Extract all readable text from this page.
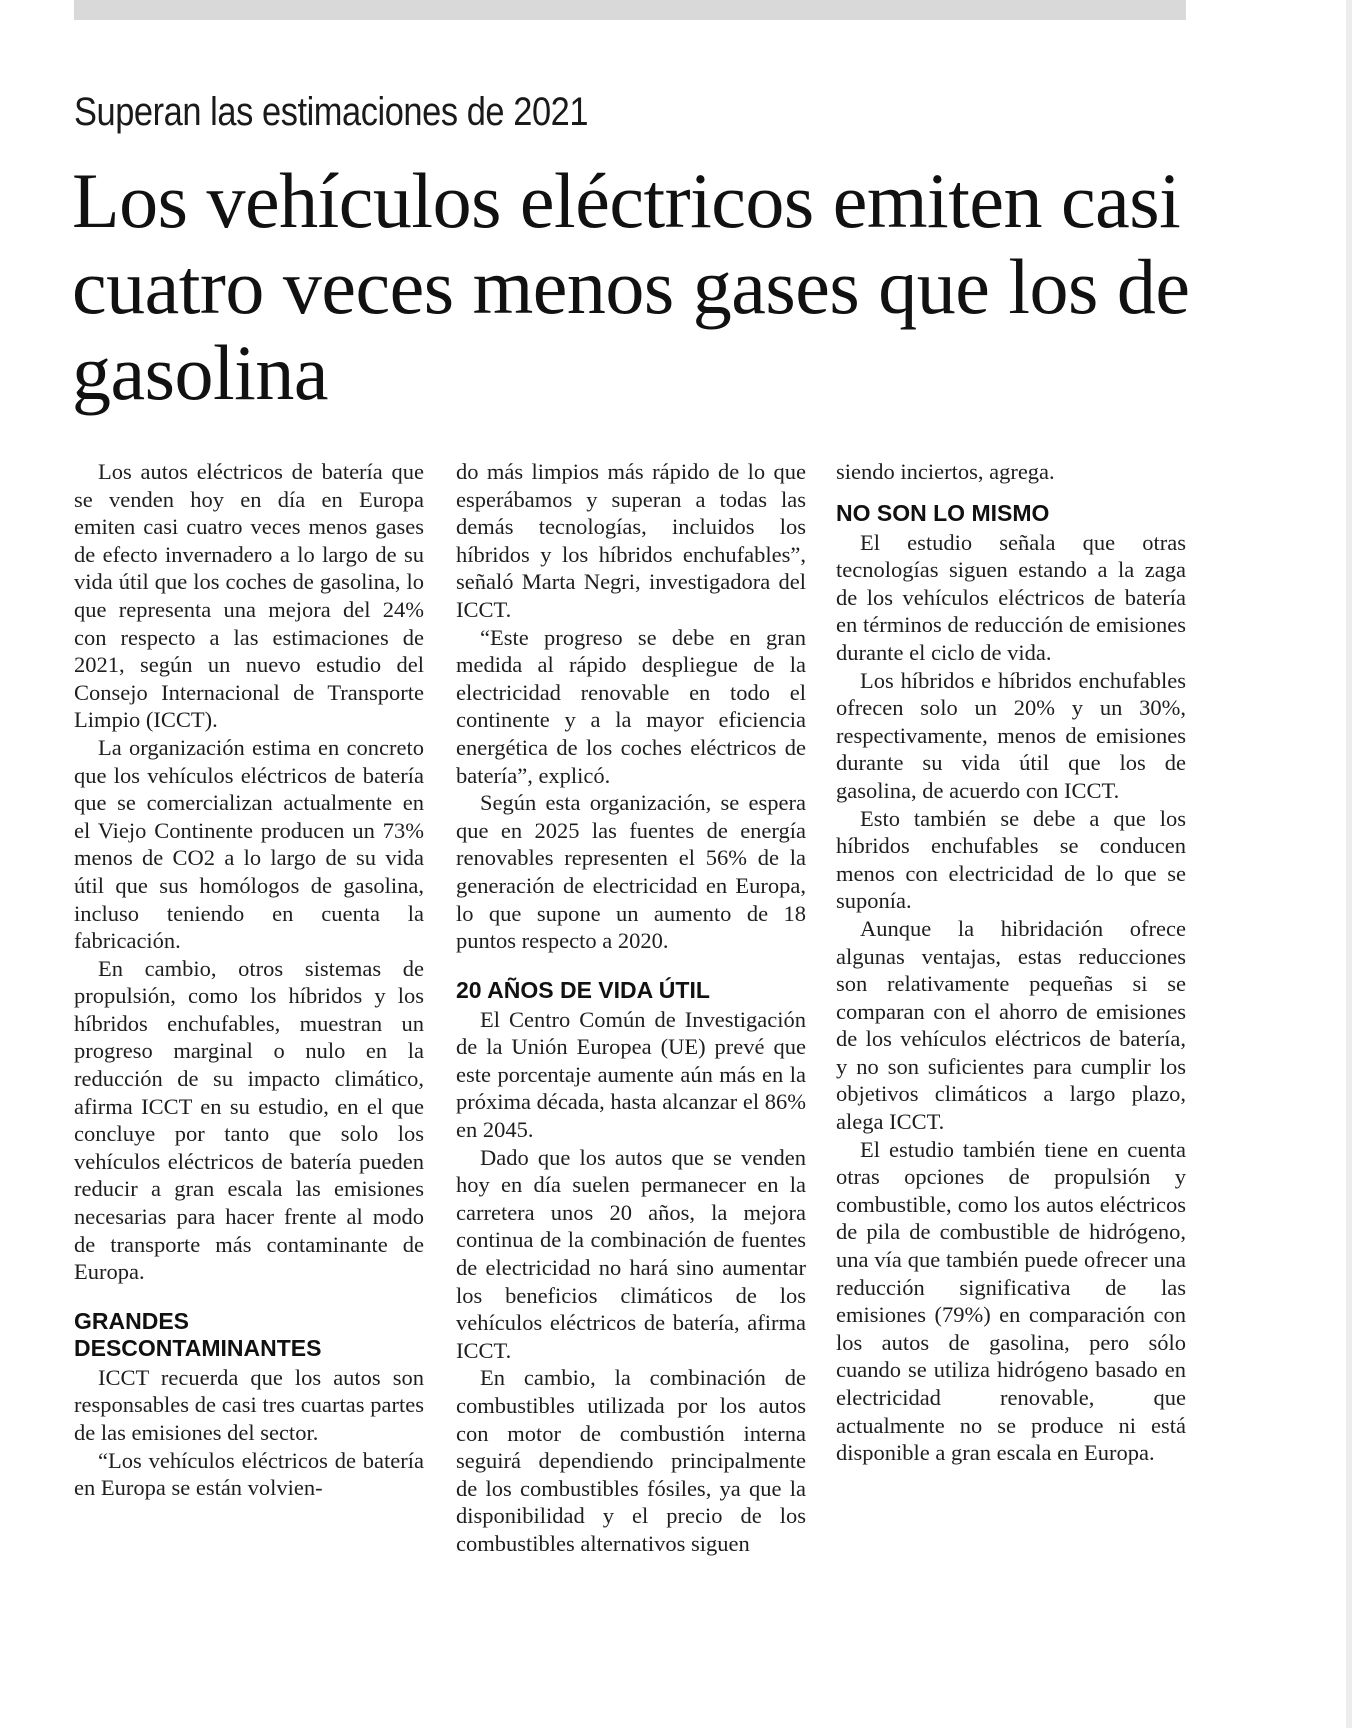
Superan las estimaciones de 2021
Los vehículos eléctricos emiten casi cuatro veces menos gases que los de gasolina

Los autos eléctricos de batería que se venden hoy en día en Europa emiten casi cuatro veces menos gases de efecto invernadero a lo largo de su vida útil que los coches de gasolina, lo que representa una mejora del 24% con respecto a las estimaciones de 2021, según un nuevo estudio del Consejo Internacional de Transporte Limpio (ICCT).

La organización estima en concreto que los vehículos eléctricos de batería que se comercializan actualmente en el Viejo Continente producen un 73% menos de CO2 a lo largo de su vida útil que sus homólogos de gasolina, incluso teniendo en cuenta la fabricación.

En cambio, otros sistemas de propulsión, como los híbridos y los híbridos enchufables, muestran un progreso marginal o nulo en la reducción de su impacto climático, afirma ICCT en su estudio, en el que concluye por tanto que solo los vehículos eléctricos de batería pueden reducir a gran escala las emisiones necesarias para hacer frente al modo de transporte más contaminante de Europa.

GRANDES DESCONTAMINANTES

ICCT recuerda que los autos son responsables de casi tres cuartas partes de las emisiones del sector.

“Los vehículos eléctricos de batería en Europa se están volvien-

do más limpios más rápido de lo que esperábamos y superan a todas las demás tecnologías, incluidos los híbridos y los híbridos enchufables”, señaló Marta Negri, investigadora del ICCT.

“Este progreso se debe en gran medida al rápido despliegue de la electricidad renovable en todo el continente y a la mayor eficiencia energética de los coches eléctricos de batería”, explicó.

Según esta organización, se espera que en 2025 las fuentes de energía renovables representen el 56% de la generación de electricidad en Europa, lo que supone un aumento de 18 puntos respecto a 2020.

20 AÑOS DE VIDA ÚTIL

El Centro Común de Investigación de la Unión Europea (UE) prevé que este porcentaje aumente aún más en la próxima década, hasta alcanzar el 86% en 2045.

Dado que los autos que se venden hoy en día suelen permanecer en la carretera unos 20 años, la mejora continua de la combinación de fuentes de electricidad no hará sino aumentar los beneficios climáticos de los vehículos eléctricos de batería, afirma ICCT.

En cambio, la combinación de combustibles utilizada por los autos con motor de combustión interna seguirá dependiendo principalmente de los combustibles fósiles, ya que la disponibilidad y el precio de los combustibles alternativos siguen

siendo inciertos, agrega.

NO SON LO MISMO

El estudio señala que otras tecnologías siguen estando a la zaga de los vehículos eléctricos de batería en términos de reducción de emisiones durante el ciclo de vida.

Los híbridos e híbridos enchufables ofrecen solo un 20% y un 30%, respectivamente, menos de emisiones durante su vida útil que los de gasolina, de acuerdo con ICCT.

Esto también se debe a que los híbridos enchufables se conducen menos con electricidad de lo que se suponía.

Aunque la hibridación ofrece algunas ventajas, estas reducciones son relativamente pequeñas si se comparan con el ahorro de emisiones de los vehículos eléctricos de batería, y no son suficientes para cumplir los objetivos climáticos a largo plazo, alega ICCT.

El estudio también tiene en cuenta otras opciones de propulsión y combustible, como los autos eléctricos de pila de combustible de hidrógeno, una vía que también puede ofrecer una reducción significativa de las emisiones (79%) en comparación con los autos de gasolina, pero sólo cuando se utiliza hidrógeno basado en electricidad renovable, que actualmente no se produce ni está disponible a gran escala en Europa.
